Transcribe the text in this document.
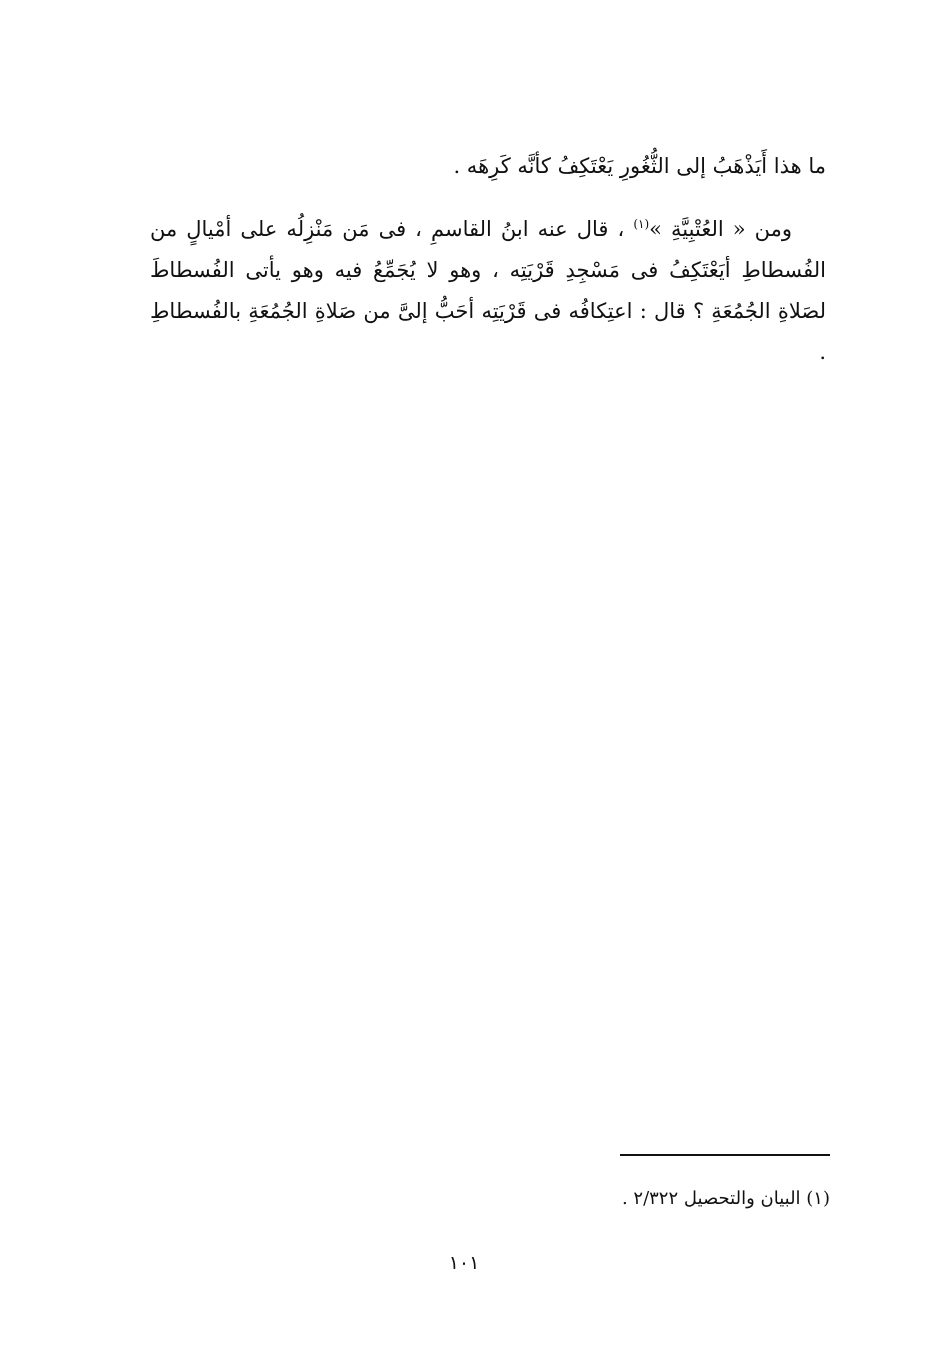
ما هذا أَيَذْهَبُ إلى الثُّغُورِ يَعْتَكِفُ كأنَّه كَرِهَه .

ومن « العُتْبِيَّةِ »$^{(١)}$ ، قال عنه ابنُ القاسمِ ، فى مَن مَنْزِلُه على أمْيالٍ من الفُسطاطِ أيَعْتَكِفُ فى مَسْجِدِ قَرْيَتِه ، وهو لا يُجَمِّعُ فيه وهو يأتى الفُسطاطَ لصَلاةِ الجُمُعَةِ ؟ قال : اعتِكافُه فى قَرْيَتِه أحَبُّ إلىَّ من صَلاةِ الجُمُعَةِ بالفُسطاطِ .

(١) البيان والتحصيل ٢/٣٢٢ .
١٠١
